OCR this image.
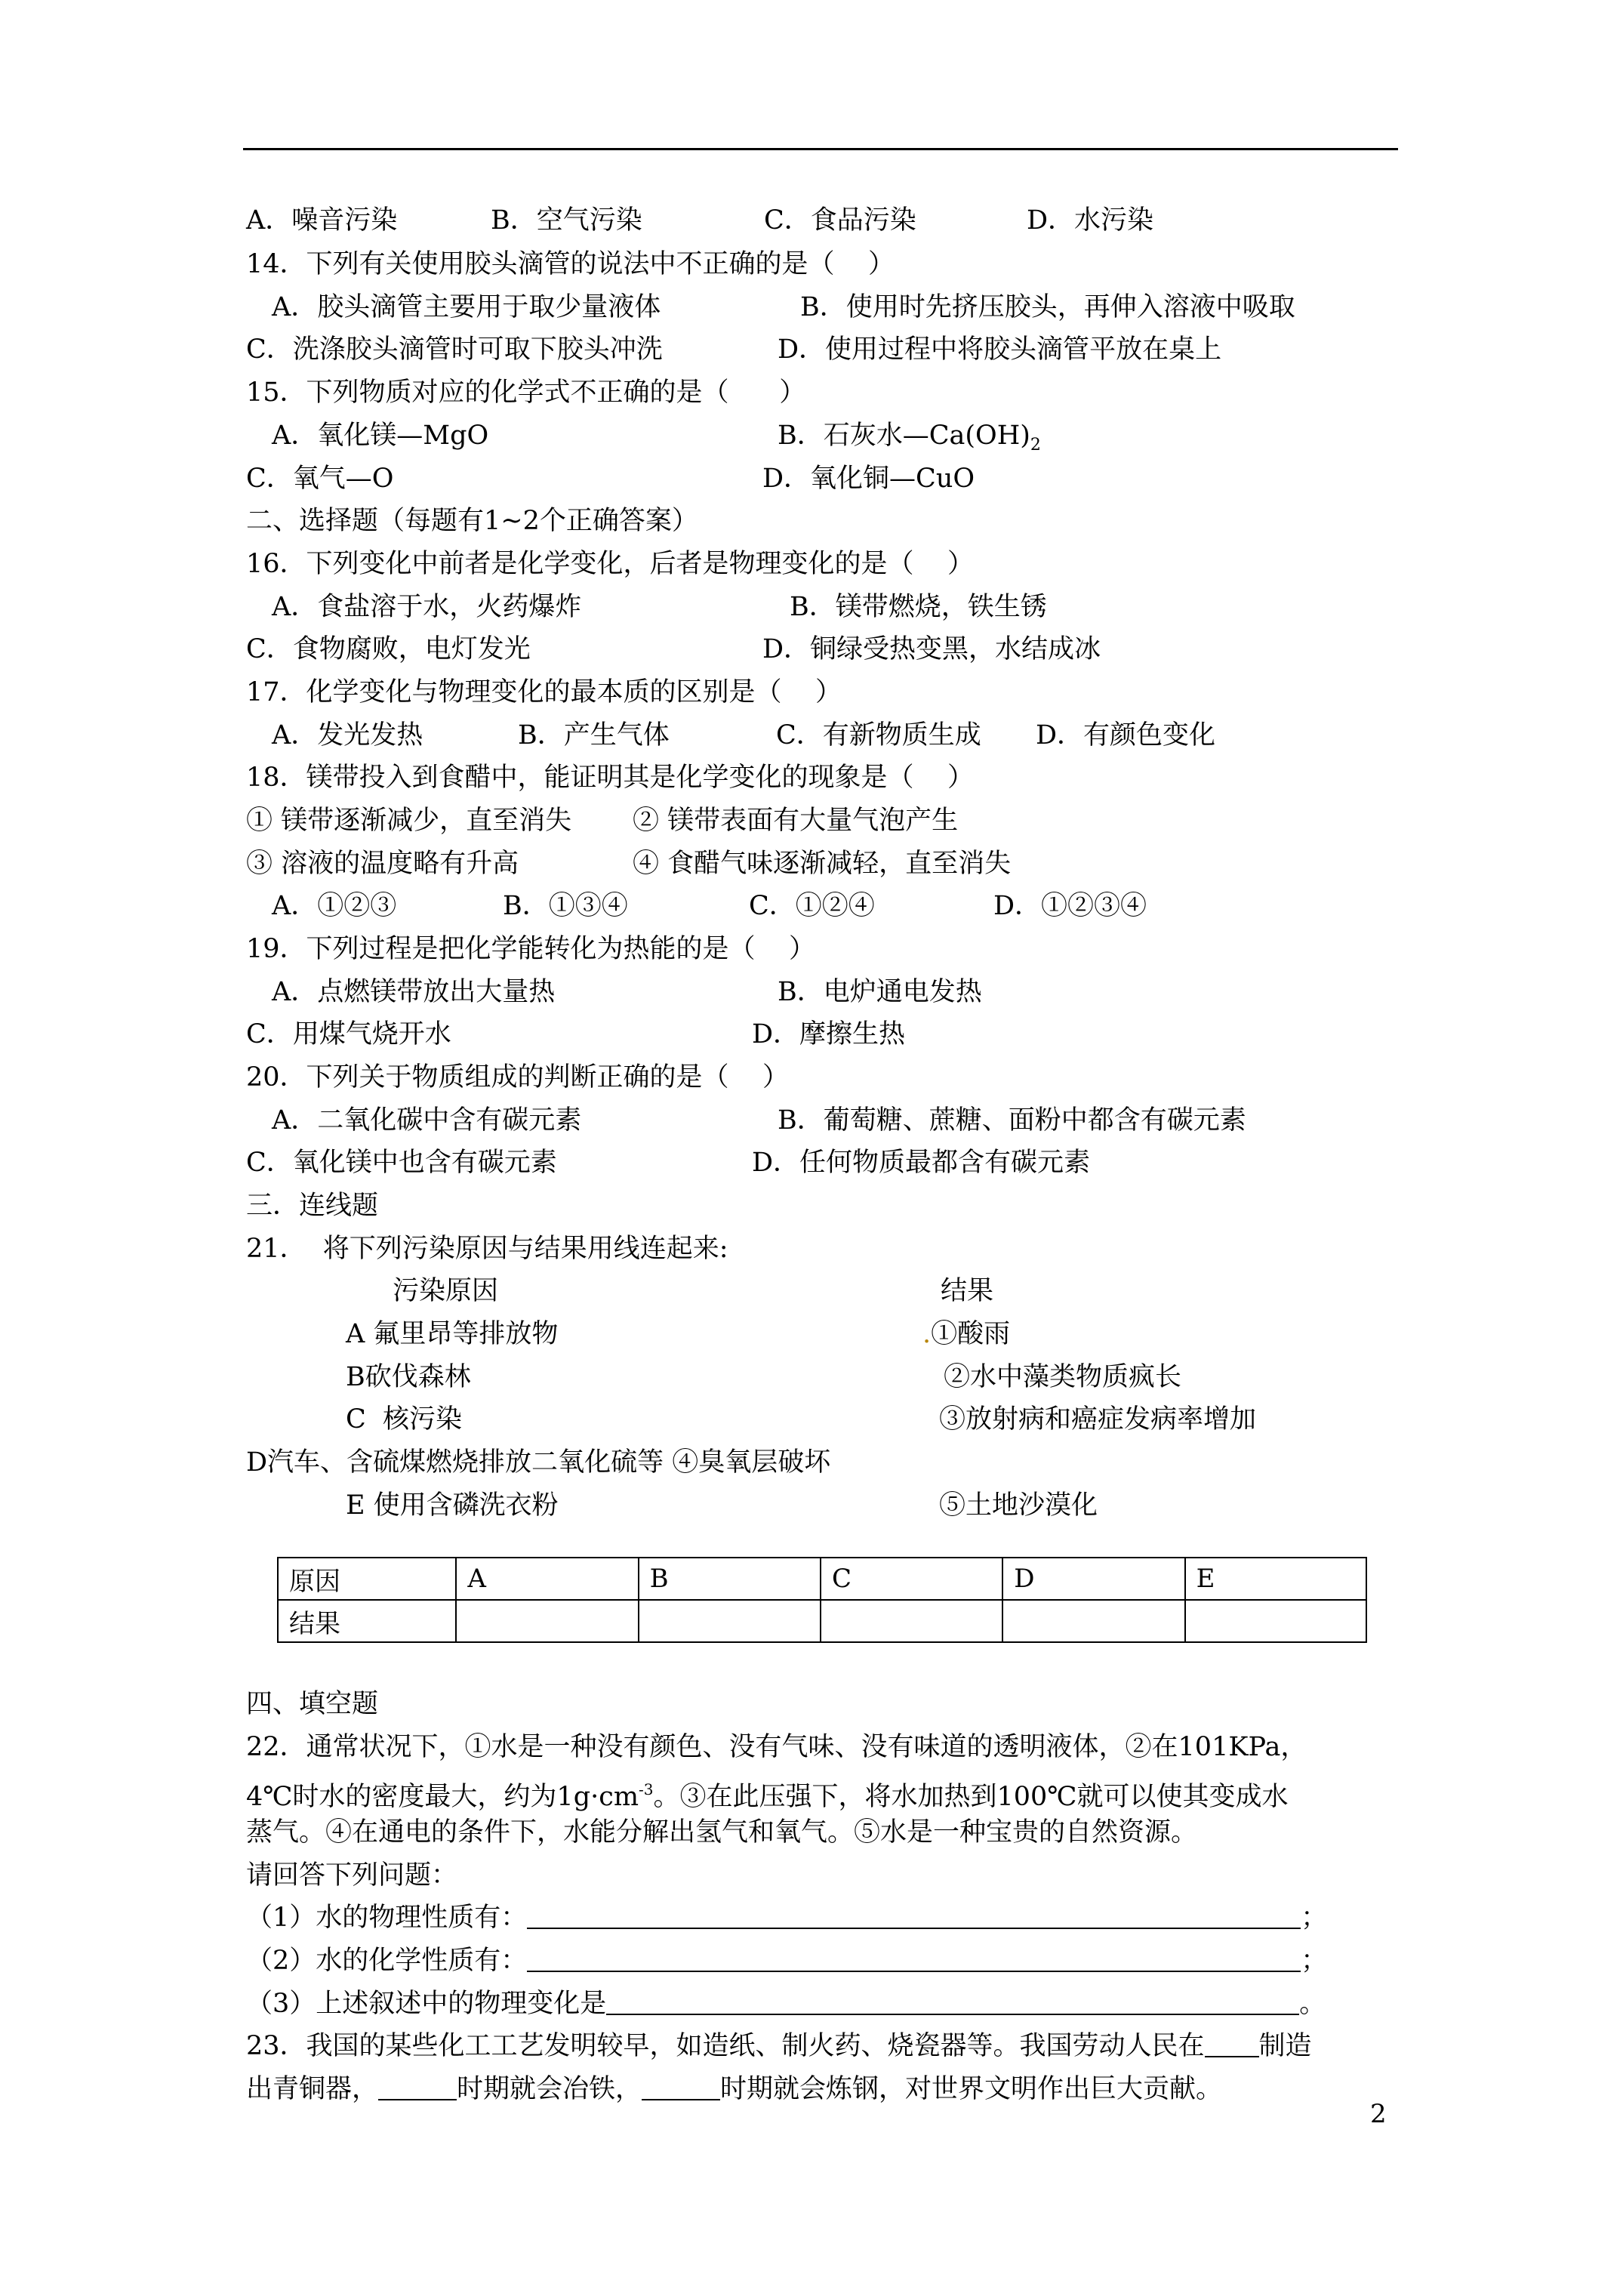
A．噪音污染	B．空气污染	C．食品污染	D．水污染
14．下列有关使用胶头滴管的说法中不正确的是（    ）
A．胶头滴管主要用于取少量液体	B．使用时先挤压胶头，再伸入溶液中吸取
C．洗涤胶头滴管时可取下胶头冲洗	D．使用过程中将胶头滴管平放在桌上
15．下列物质对应的化学式不正确的是（      ）
A．氧化镁—MgO	B．石灰水$—Ca(OH)_2$
C．氧气—O	D．氧化铜—CuO
二、选择题（每题有1~2个正确答案）
16．下列变化中前者是化学变化，后者是物理变化的是（    ）
A．食盐溶于水，火药爆炸	B．镁带燃烧，铁生锈
C．食物腐败，电灯发光	D．铜绿受热变黑，水结成冰
17．化学变化与物理变化的最本质的区别是（    ）
A．发光发热	B．产生气体	C．有新物质生成 D．有颜色变化
18．镁带投入到食醋中，能证明其是化学变化的现象是（    ）
① 镁带逐渐减少，直至消失 ② 镁带表面有大量气泡产生
③ 溶液的温度略有升高	④ 食醋气味逐渐减轻，直至消失
A．①②③	B．①③④	C．①②④	D．①②③④
19．下列过程是把化学能转化为热能的是（    ）
A．点燃镁带放出大量热	B．电炉通电发热
C．用煤气烧开水	D．摩擦生热
20．下列关于物质组成的判断正确的是（    ）
A．二氧化碳中含有碳元素	B．葡萄糖、蔗糖、面粉中都含有碳元素
C．氧化镁中也含有碳元素	D．任何物质最都含有碳元素
三．连线题
21．  将下列污染原因与结果用线连起来:
污染原因	结果
A 氟里昂等排放物	.①酸雨
B砍伐森林	②水中藻类物质疯长
C  核污染	③放射病和癌症发病率增加
D汽车、含硫煤燃烧排放二氧化硫等 ④臭氧层破坏
E 使用含磷洗衣粉	⑤土地沙漠化
原因	A	B	C	D	E
结果					
四、填空题
22．通常状况下，①水是一种没有颜色、没有气味、没有味道的透明液体，②在101KPa，
4℃时水的密度最大，约为$1g\cdot cm^{-3}$。③在此压强下，将水加热到100℃就可以使其变成水
蒸气。④在通电的条件下，水能分解出氢气和氧气。⑤水是一种宝贵的自然资源。
请回答下列问题：
（1）水的物理性质有：	；
（2）水的化学性质有：	；
（3）上述叙述中的物理变化是	。
23．我国的某些化工工艺发明较早，如造纸、制火药、烧瓷器等。我国劳动人民在 制造
出青铜器，	时期就会冶铁，	时期就会炼钢，对世界文明作出巨大贡献。
2
